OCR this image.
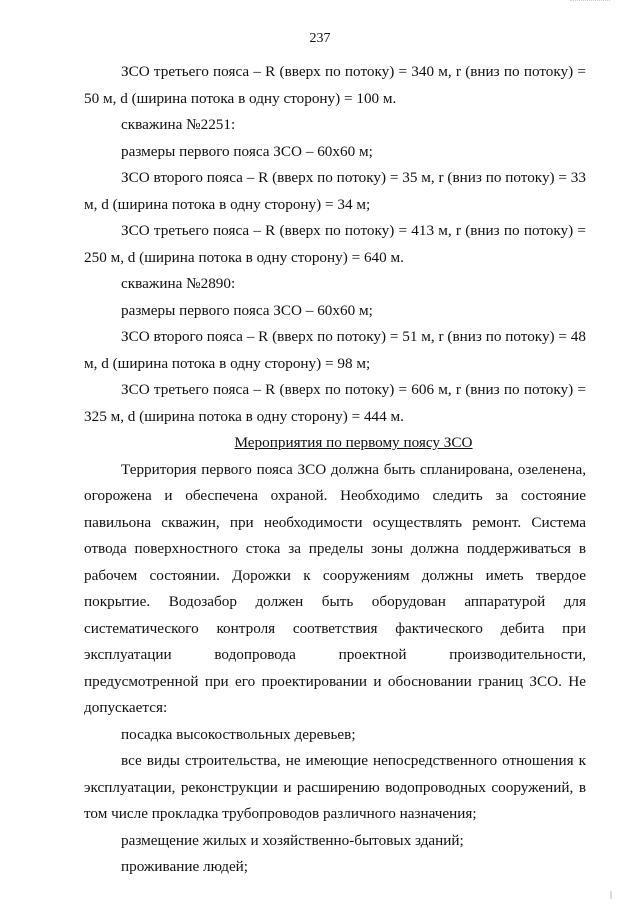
237

ЗСО третьего пояса – R (вверх по потоку) = 340 м, r (вниз по потоку) = 50 м, d (ширина потока в одну сторону) = 100 м.

скважина №2251:

размеры первого пояса ЗСО – 60х60 м;

ЗСО второго пояса – R (вверх по потоку) = 35 м, r (вниз по потоку) = 33 м, d (ширина потока в одну сторону) = 34 м;

ЗСО третьего пояса – R (вверх по потоку) = 413 м, r (вниз по потоку) = 250 м, d (ширина потока в одну сторону) = 640 м.

скважина №2890:

размеры первого пояса ЗСО – 60х60 м;

ЗСО второго пояса – R (вверх по потоку) = 51 м, r (вниз по потоку) = 48 м, d (ширина потока в одну сторону) = 98 м;

ЗСО третьего пояса – R (вверх по потоку) = 606 м, r (вниз по потоку) = 325 м, d (ширина потока в одну сторону) = 444 м.

Мероприятия по первому поясу ЗСО

Территория первого пояса ЗСО должна быть спланирована, озеленена, огорожена и обеспечена охраной. Необходимо следить за состояние павильона скважин, при необходимости осуществлять ремонт. Система отвода поверхностного стока за пределы зоны должна поддерживаться в рабочем состоянии. Дорожки к сооружениям должны иметь твердое покрытие. Водозабор должен быть оборудован аппаратурой для систематического контроля соответствия фактического дебита при эксплуатации водопровода проектной производительности, предусмотренной при его проектировании и обосновании границ ЗСО. Не допускается:

посадка высокоствольных деревьев;

все виды строительства, не имеющие непосредственного отношения к эксплуатации, реконструкции и расширению водопроводных сооружений, в том числе прокладка трубопроводов различного назначения;

размещение жилых и хозяйственно-бытовых зданий;

проживание людей;
